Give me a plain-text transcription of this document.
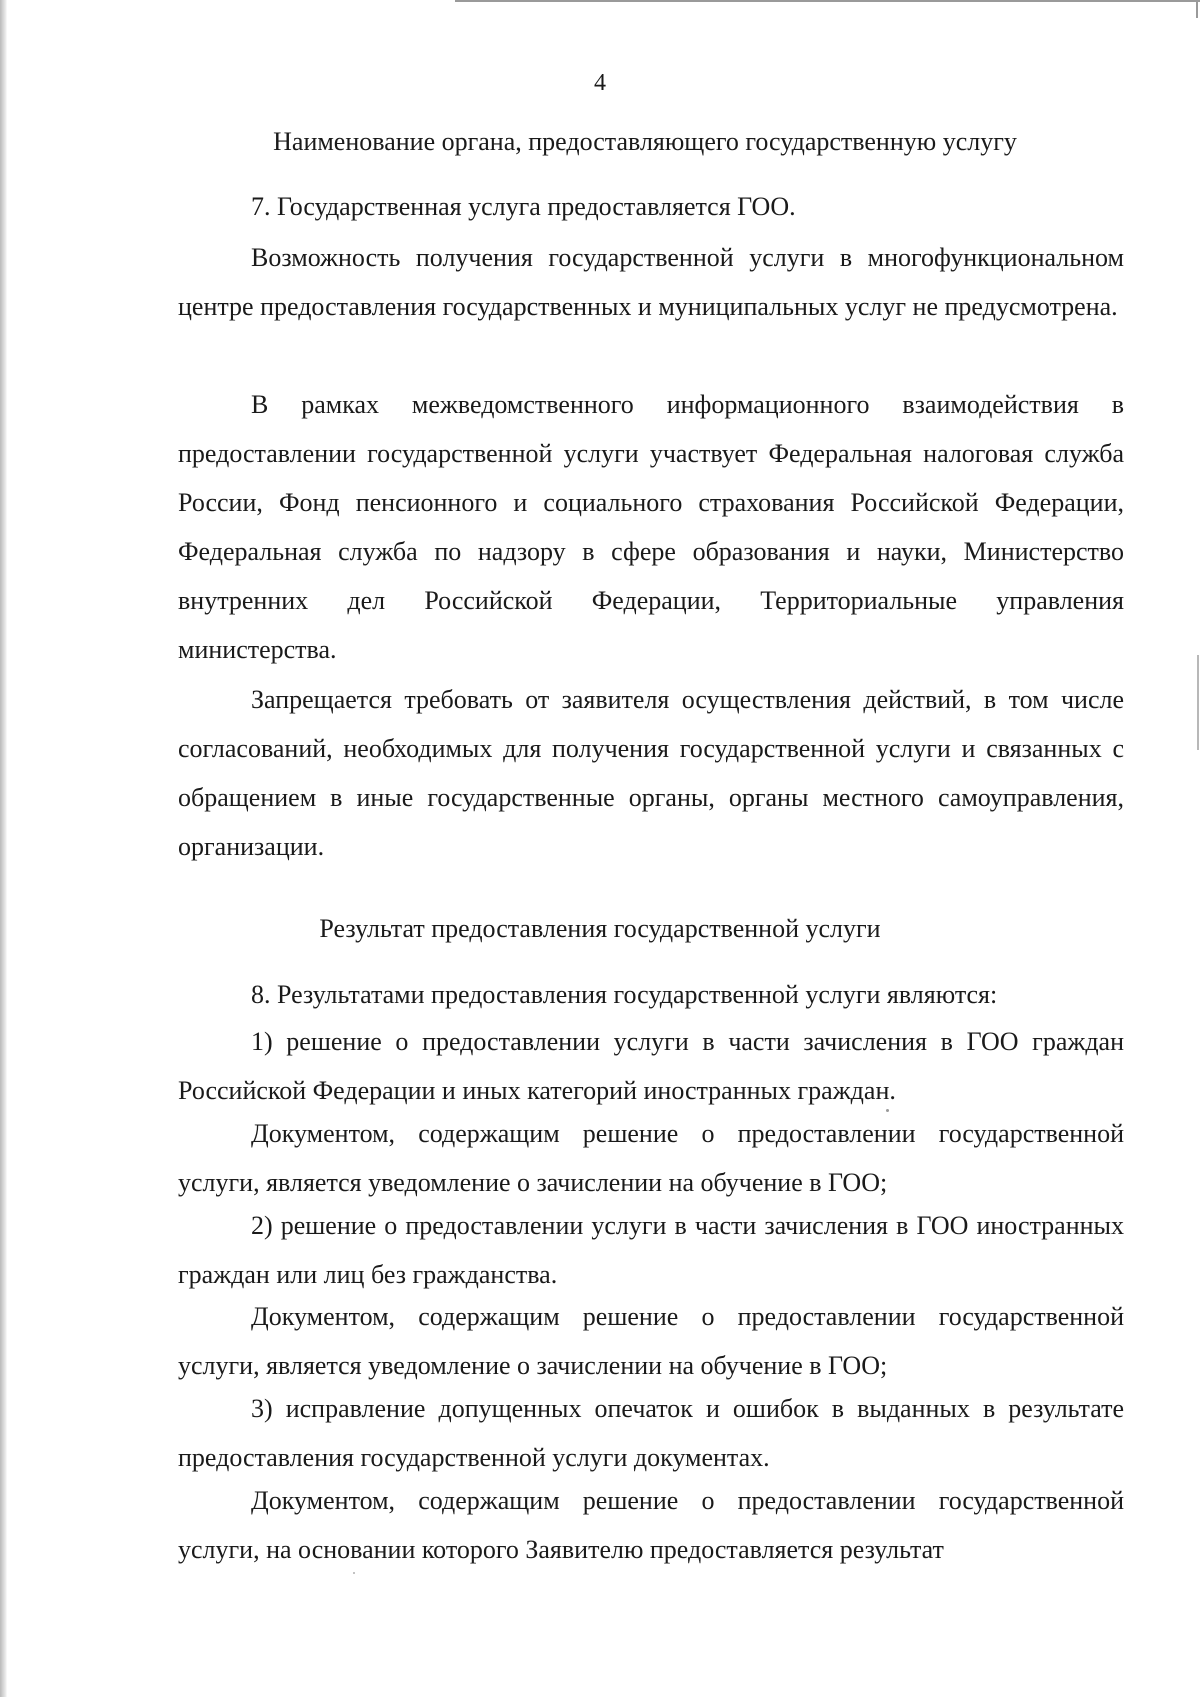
4
Наименование органа, предоставляющего государственную услугу

7. Государственная услуга предоставляется ГОО.

Возможность получения государственной услуги в многофункциональном центре предоставления государственных и муниципальных услуг не предусмотрена.

В рамках межведомственного информационного взаимодействия в предоставлении государственной услуги участвует Федеральная налоговая служба России, Фонд пенсионного и социального страхования Российской Федерации, Федеральная служба по надзору в сфере образования и науки, Министерство внутренних дел Российской Федерации, Территориальные управления министерства.

Запрещается требовать от заявителя осуществления действий, в том числе согласований, необходимых для получения государственной услуги и связанных с обращением в иные государственные органы, органы местного самоуправления, организации.

Результат предоставления государственной услуги

8. Результатами предоставления государственной услуги являются:

1) решение о предоставлении услуги в части зачисления в ГОО граждан Российской Федерации и иных категорий иностранных граждан.

Документом, содержащим решение о предоставлении государственной услуги, является уведомление о зачислении на обучение в ГОО;

2) решение о предоставлении услуги в части зачисления в ГОО иностранных граждан или лиц без гражданства.

Документом, содержащим решение о предоставлении государственной услуги, является уведомление о зачислении на обучение в ГОО;

3) исправление допущенных опечаток и ошибок в выданных в результате предоставления государственной услуги документах.

Документом, содержащим решение о предоставлении государственной услуги, на основании которого Заявителю предоставляется результат
